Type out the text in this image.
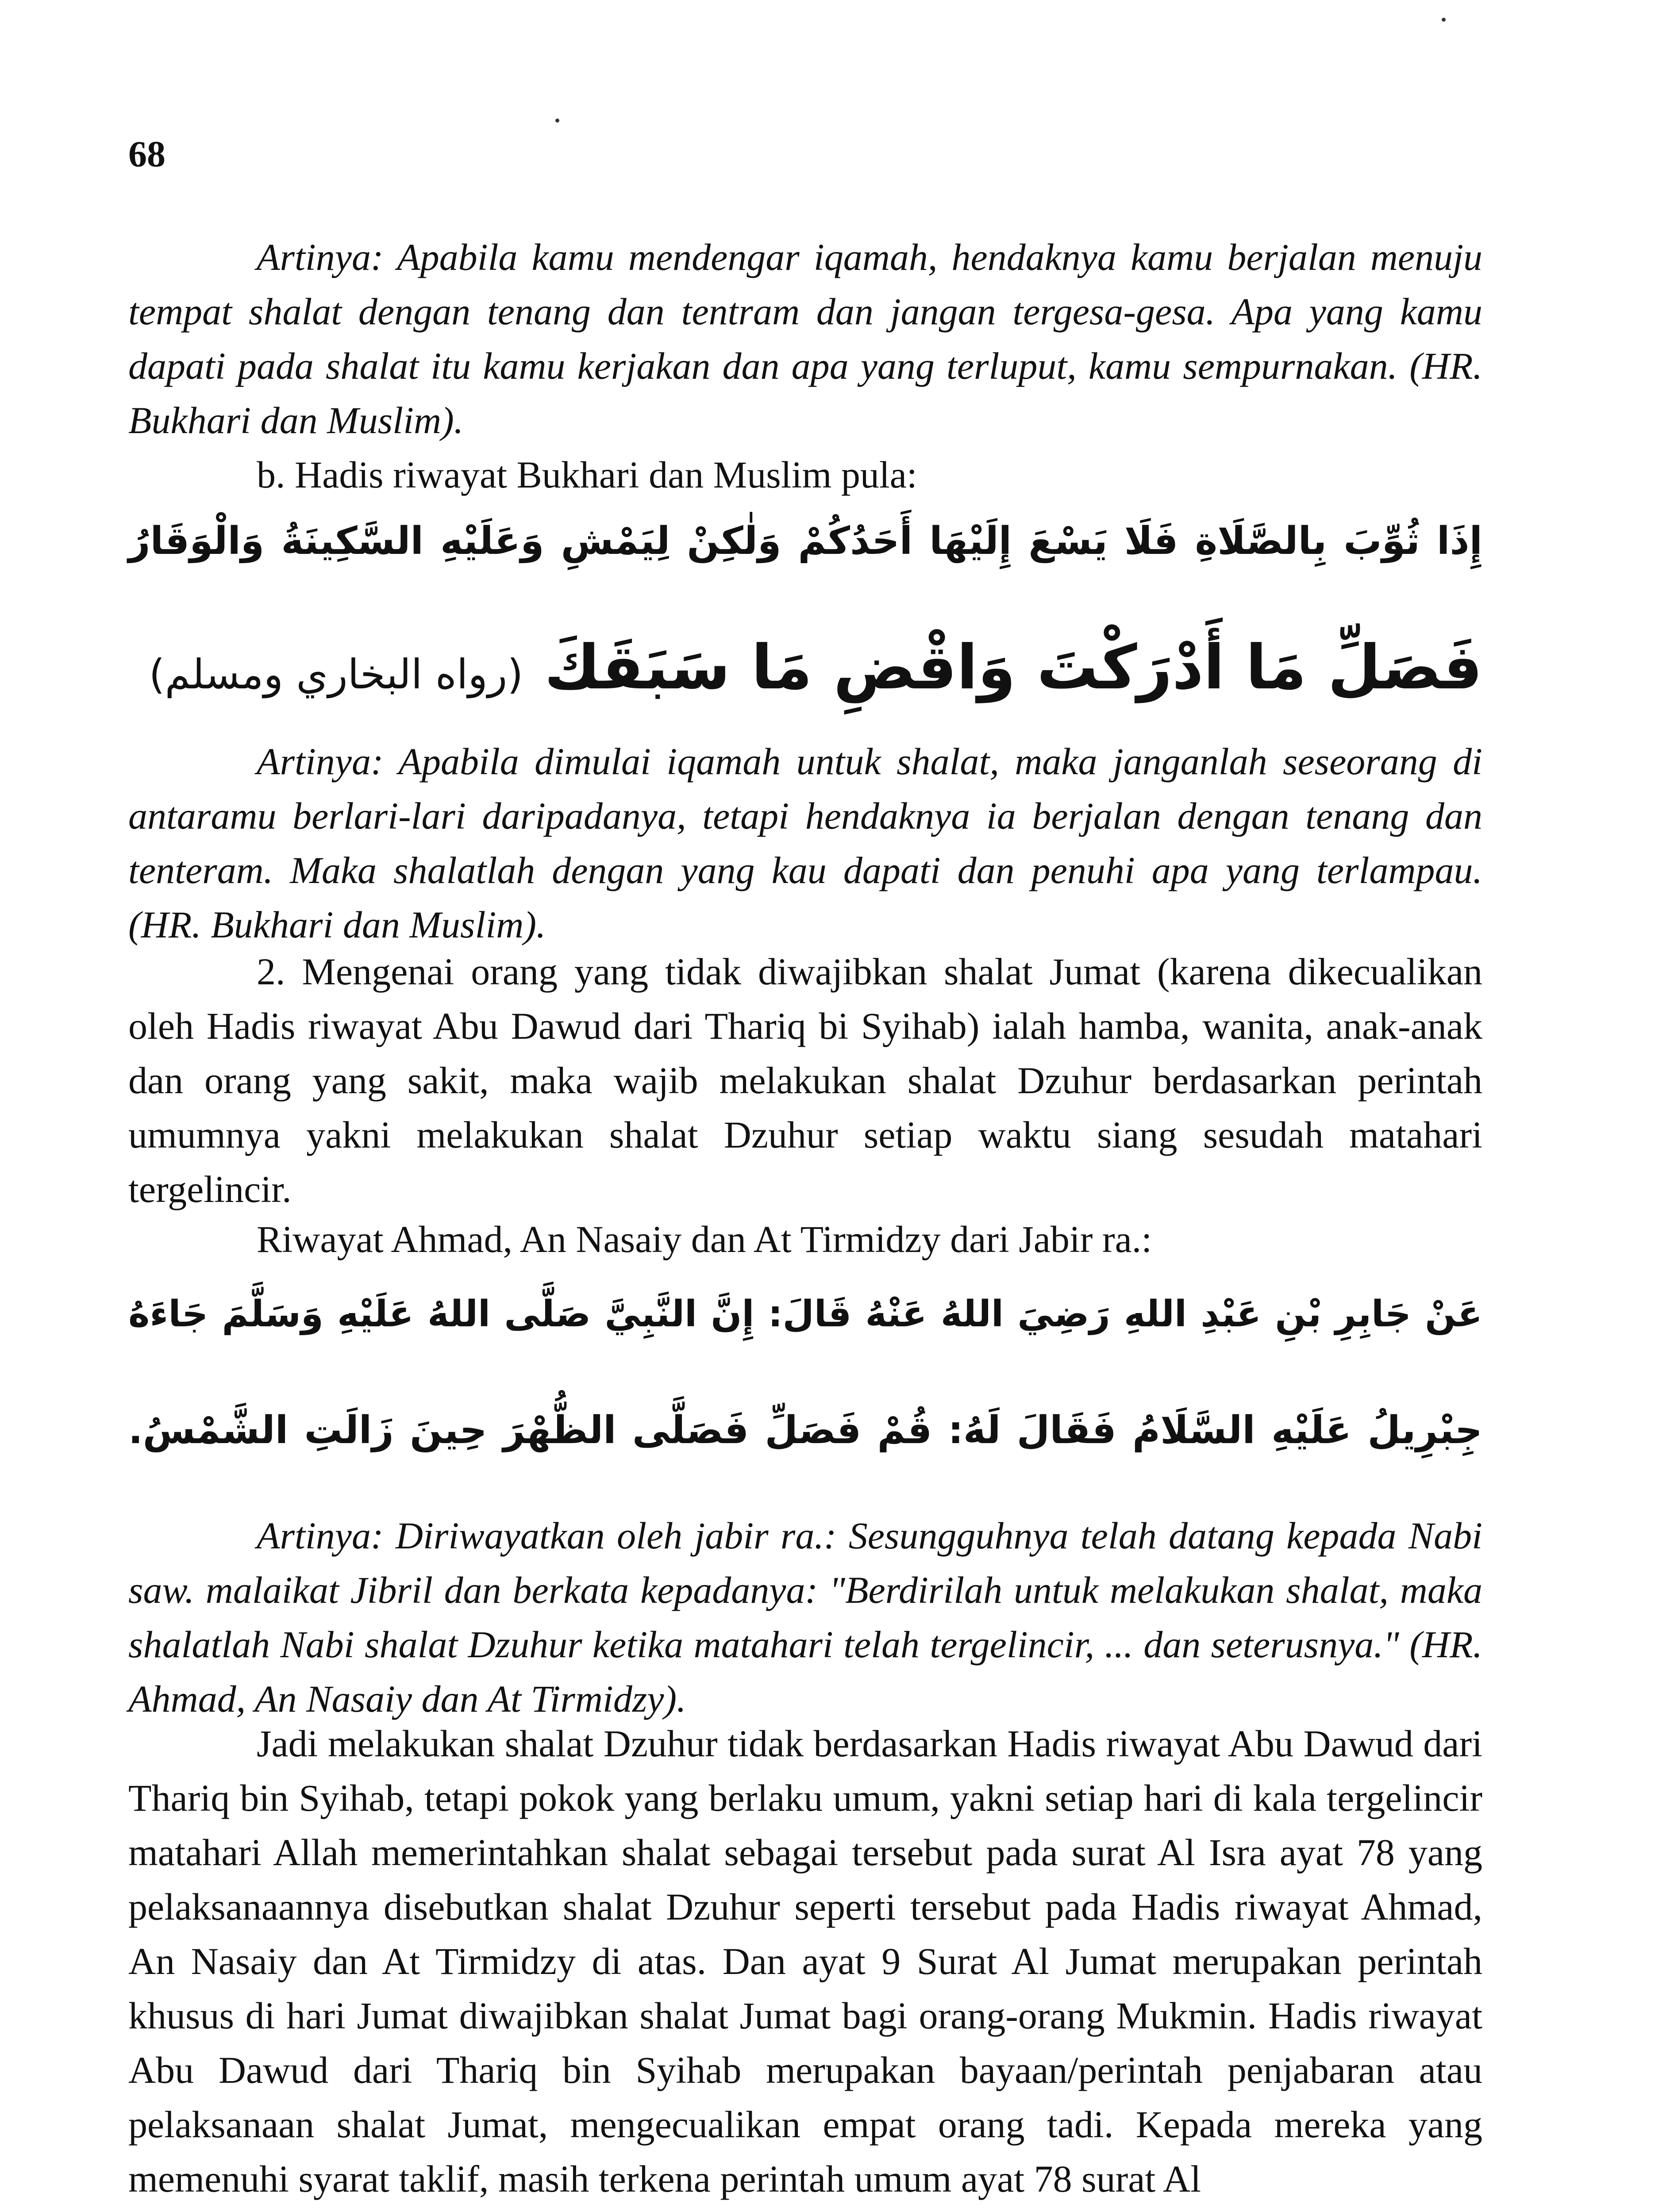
68

Artinya: Apabila kamu mendengar iqamah, hendaknya kamu berjalan menuju tempat shalat dengan tenang dan tentram dan jangan tergesa-gesa. Apa yang kamu dapati pada shalat itu kamu kerjakan dan apa yang terluput, kamu sempurnakan. (HR. Bukhari dan Muslim).

b. Hadis riwayat Bukhari dan Muslim pula:
إِذَا ثُوِّبَ بِالصَّلَاةِ فَلَا يَسْعَ إِلَيْهَا أَحَدُكُمْ وَلٰكِنْ لِيَمْشِ وَعَلَيْهِ السَّكِينَةُ وَالْوَقَارُ
فَصَلِّ مَا أَدْرَكْتَ وَاقْضِ مَا سَبَقَكَ (رواه البخاري ومسلم)

Artinya: Apabila dimulai iqamah untuk shalat, maka janganlah seseorang di antaramu berlari-lari daripadanya, tetapi hendaknya ia berjalan dengan tenang dan tenteram. Maka shalatlah dengan yang kau dapati dan penuhi apa yang terlampau. (HR. Bukhari dan Muslim).

2. Mengenai orang yang tidak diwajibkan shalat Jumat (karena dikecualikan oleh Hadis riwayat Abu Dawud dari Thariq bi Syihab) ialah hamba, wanita, anak-anak dan orang yang sakit, maka wajib melakukan shalat Dzuhur berdasarkan perintah umumnya yakni melakukan shalat Dzuhur setiap waktu siang sesudah matahari tergelincir.

Riwayat Ahmad, An Nasaiy dan At Tirmidzy dari Jabir ra.:
عَنْ جَابِرِ بْنِ عَبْدِ اللهِ رَضِيَ اللهُ عَنْهُ قَالَ: إِنَّ النَّبِيَّ صَلَّى اللهُ عَلَيْهِ وَسَلَّمَ جَاءَهُ
جِبْرِيلُ عَلَيْهِ السَّلَامُ فَقَالَ لَهُ: قُمْ فَصَلِّ فَصَلَّى الظُّهْرَ حِينَ زَالَتِ الشَّمْسُ.

Artinya: Diriwayatkan oleh jabir ra.: Sesungguhnya telah datang kepada Nabi saw. malaikat Jibril dan berkata kepadanya: "Berdirilah untuk melakukan shalat, maka shalatlah Nabi shalat Dzuhur ketika matahari telah tergelincir, ... dan seterusnya." (HR. Ahmad, An Nasaiy dan At Tirmidzy).

Jadi melakukan shalat Dzuhur tidak berdasarkan Hadis riwayat Abu Dawud dari Thariq bin Syihab, tetapi pokok yang berlaku umum, yakni setiap hari di kala tergelincir matahari Allah memerintahkan shalat sebagai tersebut pada surat Al Isra ayat 78 yang pelaksanaannya disebutkan shalat Dzuhur seperti tersebut pada Hadis riwayat Ahmad, An Nasaiy dan At Tirmidzy di atas. Dan ayat 9 Surat Al Jumat merupakan perintah khusus di hari Jumat diwajibkan shalat Jumat bagi orang-orang Mukmin. Hadis riwayat Abu Dawud dari Thariq bin Syihab merupakan bayaan/perintah penjabaran atau pelaksanaan shalat Jumat, mengecualikan empat orang tadi. Kepada mereka yang memenuhi syarat taklif, masih terkena perintah umum ayat 78 surat Al
